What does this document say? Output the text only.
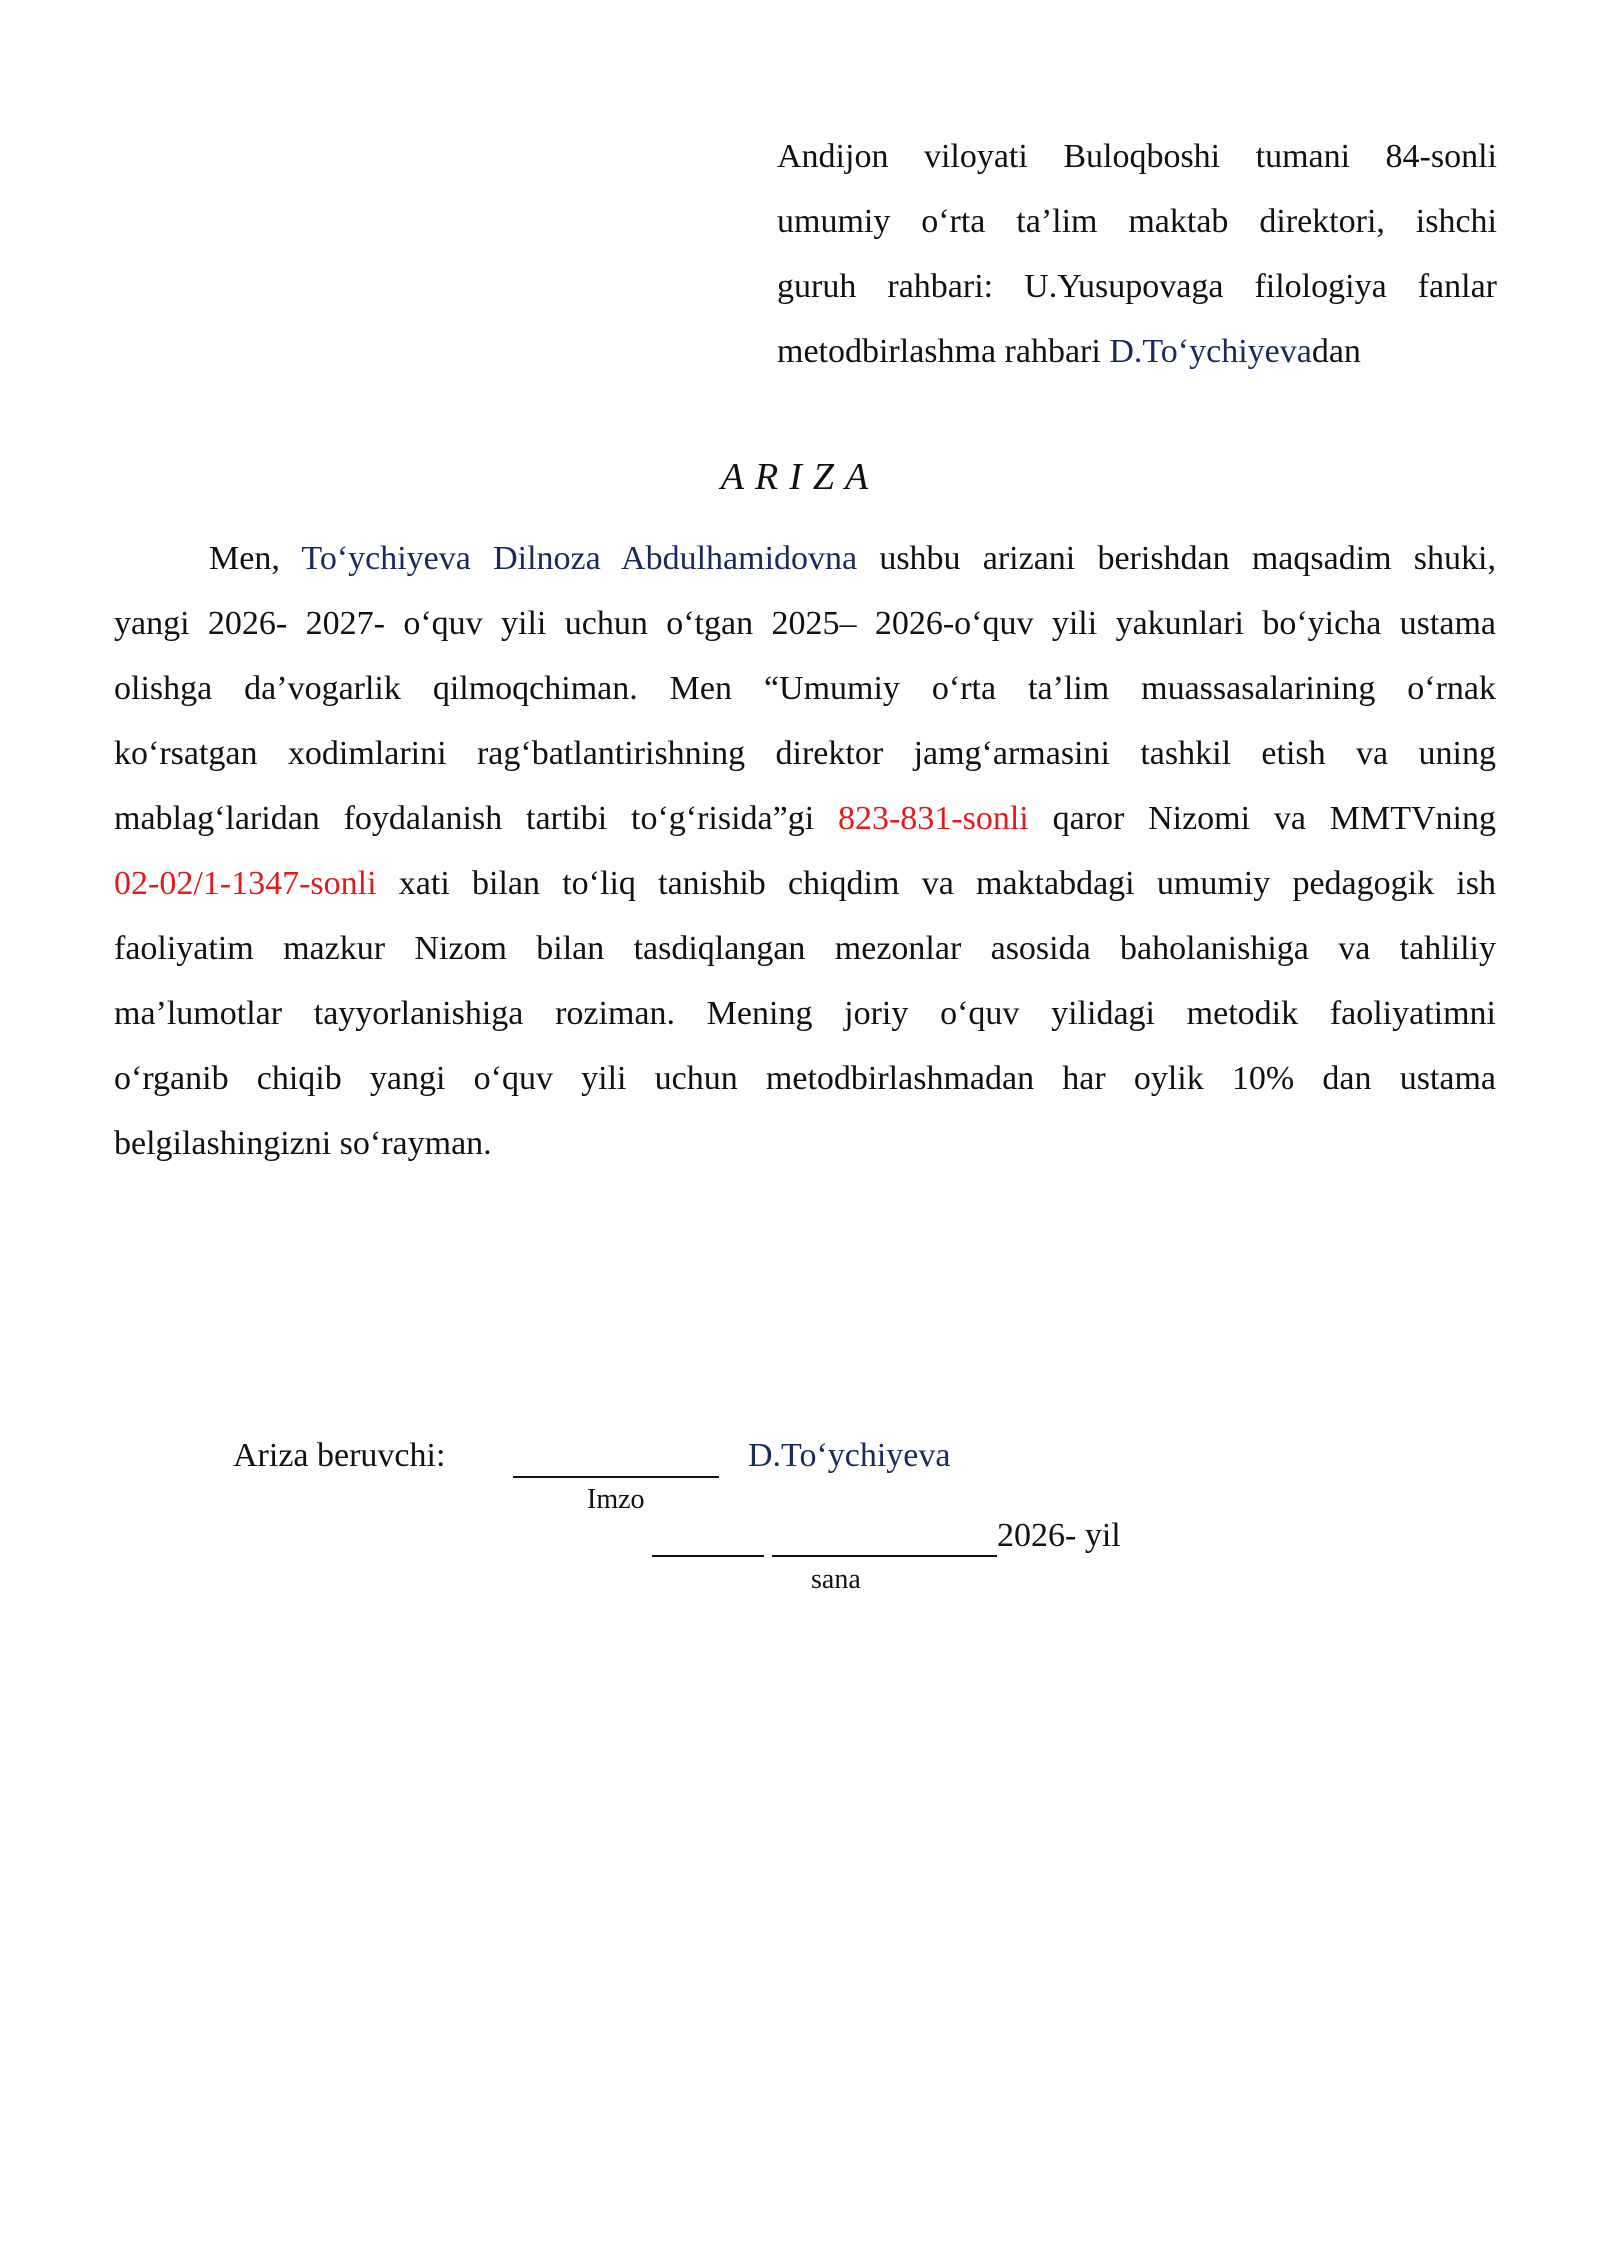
Andijon viloyati Buloqboshi tumani 84-sonli
umumiy o‘rta ta’lim maktab direktori, ishchi
guruh rahbari: U.Yusupovaga filologiya fanlar
metodbirlashma rahbari D.To‘ychiyevadan
ARIZA
Men, To‘ychiyeva Dilnoza Abdulhamidovna ushbu arizani berishdan maqsadim shuki,
yangi 2026- 2027- o‘quv yili uchun o‘tgan 2025– 2026-o‘quv yili yakunlari bo‘yicha ustama
olishga da’vogarlik qilmoqchiman. Men “Umumiy o‘rta ta’lim muassasalarining o‘rnak
ko‘rsatgan xodimlarini rag‘batlantirishning direktor jamg‘armasini tashkil etish va uning
mablag‘laridan foydalanish tartibi to‘g‘risida”gi 823-831-sonli qaror Nizomi va MMTVning
02-02/1-1347-sonli xati bilan to‘liq tanishib chiqdim va maktabdagi umumiy pedagogik ish
faoliyatim mazkur Nizom bilan tasdiqlangan mezonlar asosida baholanishiga va tahliliy
ma’lumotlar tayyorlanishiga roziman. Mening joriy o‘quv yilidagi metodik faoliyatimni
o‘rganib chiqib yangi o‘quv yili uchun metodbirlashmadan har oylik 10% dan ustama
belgilashingizni so‘rayman.
Ariza beruvchi:	D.To‘ychiyeva
Imzo
2026- yil
sana
